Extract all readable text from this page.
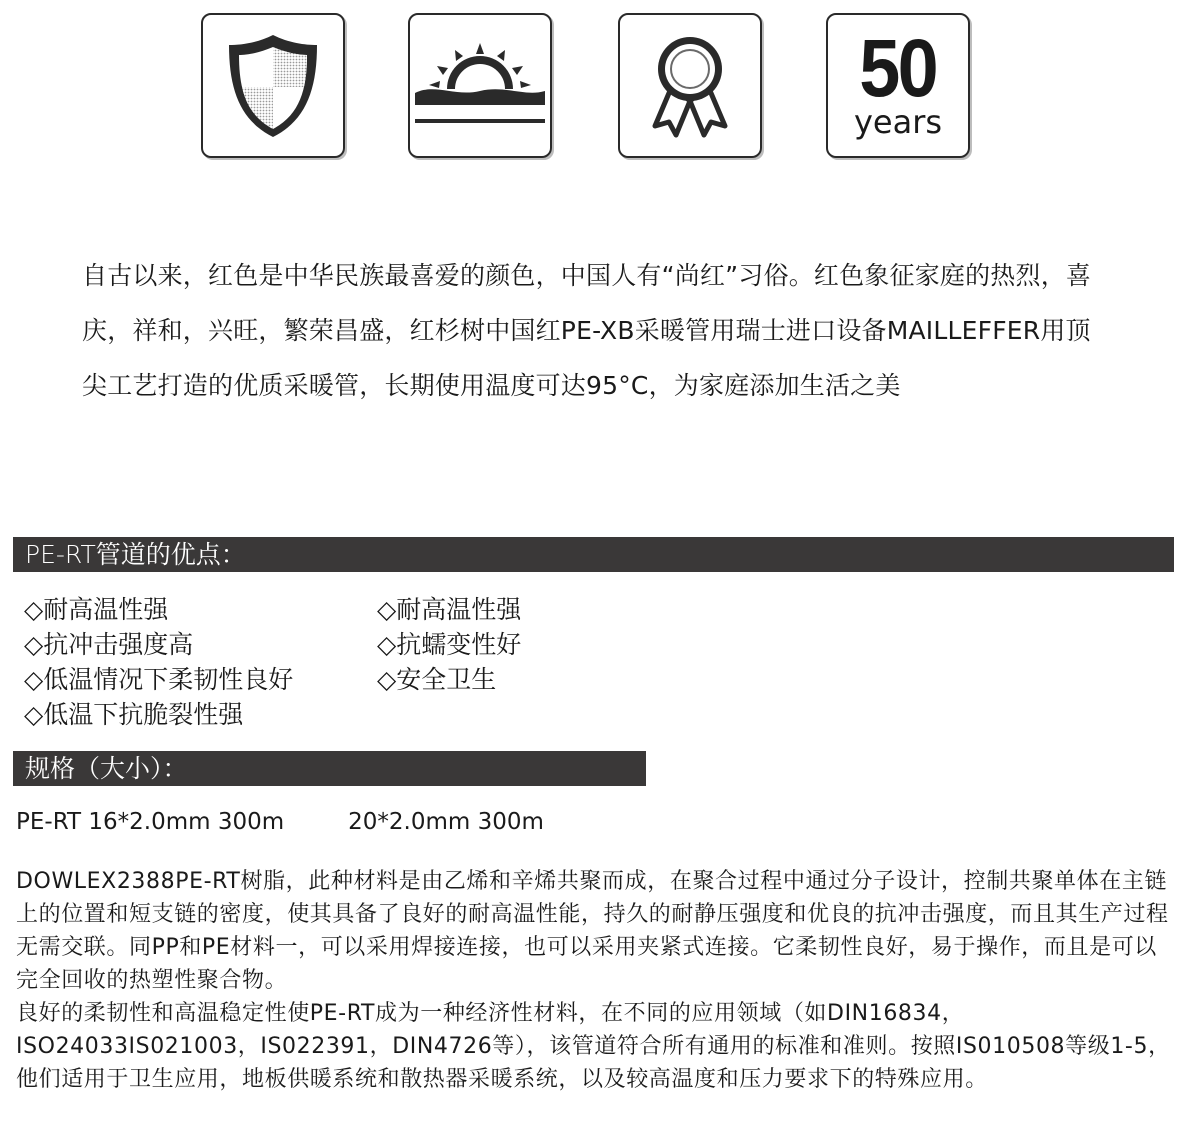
50
years

自古以来，红色是中华民族最喜爱的颜色，中国人有“尚红”习俗。红色象征家庭的热烈，喜庆，祥和，兴旺，繁荣昌盛，红杉树中国红PE-XB采暖管用瑞士进口设备MAILLEFFER用顶尖工艺打造的优质采暖管，长期使用温度可达95°C，为家庭添加生活之美

PE-RT管道的优点：
◇耐高温性强
◇抗冲击强度高
◇低温情况下柔韧性良好
◇低温下抗脆裂性强
◇耐高温性强
◇抗蠕变性好
◇安全卫生
规格（大小）：
PE-RT 16*2.0mm 300m	20*2.0mm 300m
DOWLEX2388PE-RT树脂，此种材料是由乙烯和辛烯共聚而成，在聚合过程中通过分子设计，控制共聚单体在主链上的位置和短支链的密度，使其具备了良好的耐高温性能，持久的耐静压强度和优良的抗冲击强度，而且其生产过程无需交联。同PP和PE材料一，可以采用焊接连接，也可以采用夹紧式连接。它柔韧性良好，易于操作，而且是可以完全回收的热塑性聚合物。
良好的柔韧性和高温稳定性使PE-RT成为一种经济性材料，在不同的应用领域（如DIN16834，ISO24033IS021003，IS022391，DIN4726等），该管道符合所有通用的标准和准则。按照IS010508等级1-5，他们适用于卫生应用，地板供暖系统和散热器采暖系统，以及较高温度和压力要求下的特殊应用。
